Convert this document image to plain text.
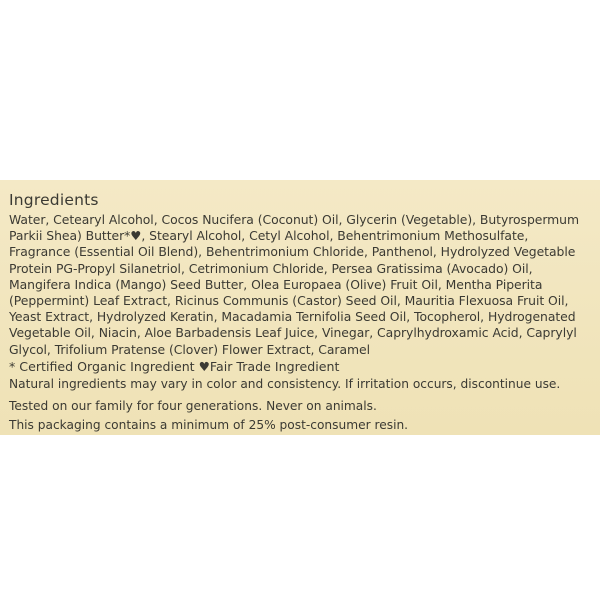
Ingredients

Water, Cetearyl Alcohol, Cocos Nucifera (Coconut) Oil, Glycerin (Vegetable), Butyrospermum Parkii Shea) Butter*♥, Stearyl Alcohol, Cetyl Alcohol, Behentrimonium Methosulfate, Fragrance (Essential Oil Blend), Behentrimonium Chloride, Panthenol, Hydrolyzed Vegetable Protein PG-Propyl Silanetriol, Cetrimonium Chloride, Persea Gratissima (Avocado) Oil, Mangifera Indica (Mango) Seed Butter, Olea Europaea (Olive) Fruit Oil, Mentha Piperita (Peppermint) Leaf Extract, Ricinus Communis (Castor) Seed Oil, Mauritia Flexuosa Fruit Oil, Yeast Extract, Hydrolyzed Keratin, Macadamia Ternifolia Seed Oil, Tocopherol, Hydrogenated Vegetable Oil, Niacin, Aloe Barbadensis Leaf Juice, Vinegar, Caprylhydroxamic Acid, Caprylyl Glycol, Trifolium Pratense (Clover) Flower Extract, Caramel

* Certified Organic Ingredient ♥Fair Trade Ingredient

Natural ingredients may vary in color and consistency. If irritation occurs, discontinue use.

Tested on our family for four generations. Never on animals.

This packaging contains a minimum of 25% post-consumer resin.
